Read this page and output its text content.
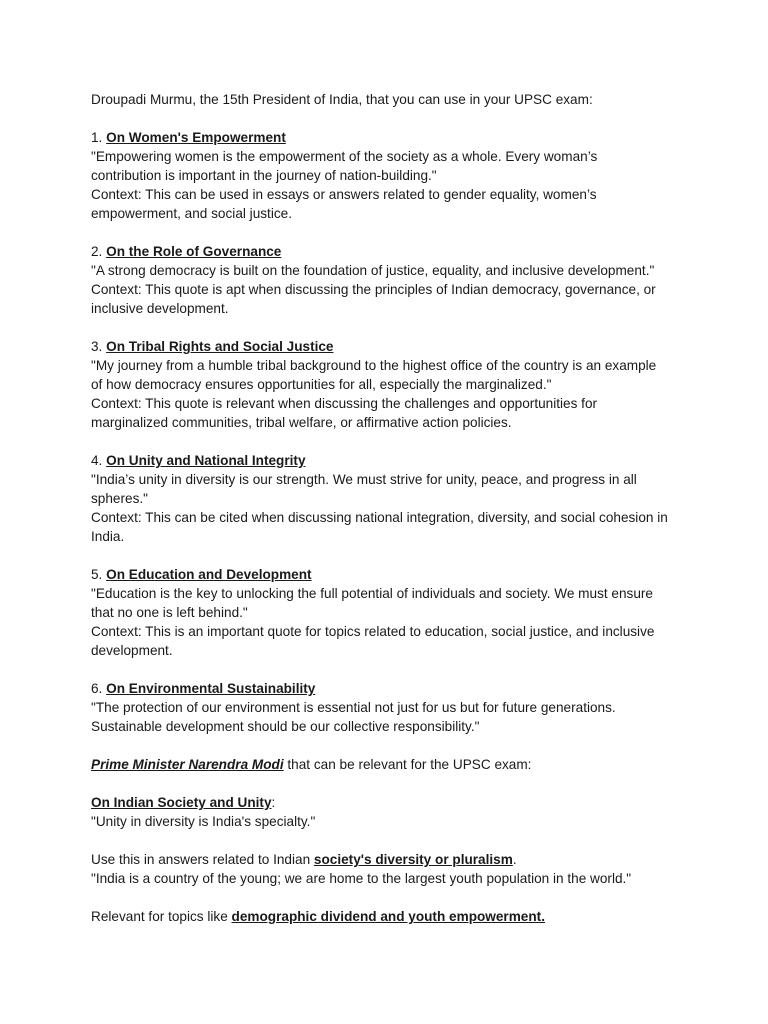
Droupadi Murmu, the 15th President of India, that you can use in your UPSC exam:
1. On Women's Empowerment
"Empowering women is the empowerment of the society as a whole. Every woman’s
contribution is important in the journey of nation-building."
Context: This can be used in essays or answers related to gender equality, women’s
empowerment, and social justice.
2. On the Role of Governance
"A strong democracy is built on the foundation of justice, equality, and inclusive development."
Context: This quote is apt when discussing the principles of Indian democracy, governance, or
inclusive development.
3. On Tribal Rights and Social Justice
"My journey from a humble tribal background to the highest office of the country is an example
of how democracy ensures opportunities for all, especially the marginalized."
Context: This quote is relevant when discussing the challenges and opportunities for
marginalized communities, tribal welfare, or affirmative action policies.
4. On Unity and National Integrity
"India’s unity in diversity is our strength. We must strive for unity, peace, and progress in all
spheres."
Context: This can be cited when discussing national integration, diversity, and social cohesion in
India.
5. On Education and Development
"Education is the key to unlocking the full potential of individuals and society. We must ensure
that no one is left behind."
Context: This is an important quote for topics related to education, social justice, and inclusive
development.
6. On Environmental Sustainability
"The protection of our environment is essential not just for us but for future generations.
Sustainable development should be our collective responsibility."
Prime Minister Narendra Modi that can be relevant for the UPSC exam:
On Indian Society and Unity:
"Unity in diversity is India's specialty."
Use this in answers related to Indian society's diversity or pluralism.
"India is a country of the young; we are home to the largest youth population in the world."
Relevant for topics like demographic dividend and youth empowerment.
